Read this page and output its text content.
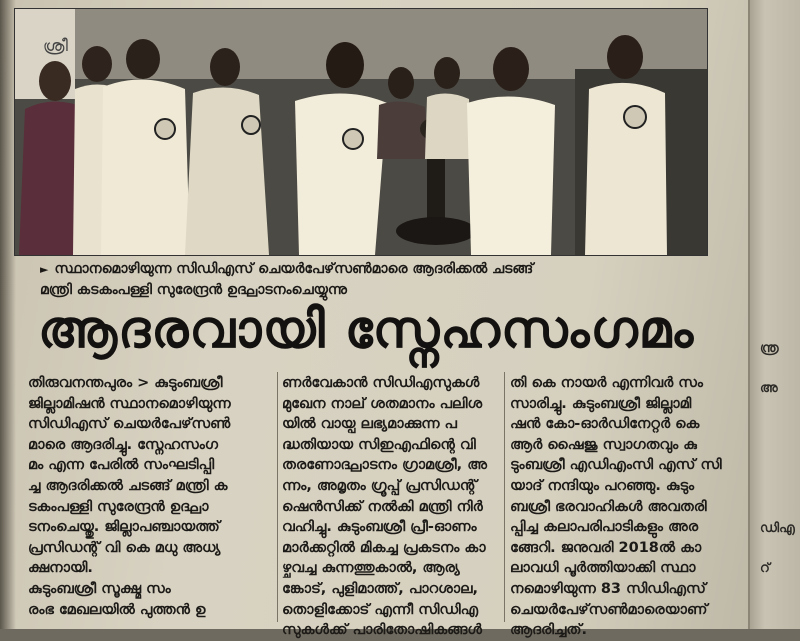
ന്ത്ര
അ
ഡിഎ
റ്
ശ്രീ
► സ്ഥാനമൊഴിയുന്ന സിഡിഎസ് ചെയർപേഴ്‌സൺമാരെ ആദരിക്കൽ ചടങ്ങ്
മന്ത്രി കടകംപള്ളി സുരേന്ദ്രൻ ഉദ്ഘാടനംചെയ്യുന്നു
ആദരവായി സ്നേഹസംഗമം
തിരുവനന്തപുരം > കുടുംബശ്രീ
ജില്ലാമിഷൻ സ്ഥാനമൊഴിയുന്ന
സിഡിഎസ് ചെയർപേഴ്‌സൺ
മാരെ ആദരിച്ചു. സ്നേഹസംഗ
മം എന്ന പേരിൽ സംഘടിപ്പി
ച്ച ആദരിക്കൽ ചടങ്ങ് മന്ത്രി ക
ടകംപള്ളി സുരേന്ദ്രൻ ഉദ്ഘാ
ടനംചെയ്തു. ജില്ലാപഞ്ചായത്ത്
പ്രസിഡന്റ് വി കെ മധു അധ്യ
ക്ഷനായി.
കുടുംബശ്രീ സൂക്ഷ്മ സം
രംഭ മേഖലയിൽ പുത്തൻ ഉ
ണർവേകാൻ സിഡിഎസുകൾ
മുഖേന നാല് ശതമാനം പലിശ
യിൽ വായ്പ ലഭ്യമാക്കുന്ന പ
ദ്ധതിയായ സിഇഎഫിന്റെ വി
തരണോദ്ഘാടനം ഗ്രാമശ്രീ, അ
ന്നം, അമൃതം ഗ്രൂപ്പ് പ്രസിഡന്റ്
ഷെൻസിക്ക് നൽകി മന്ത്രി നിർ
വഹിച്ചു. കുടുംബശ്രീ പ്രീ-ഓണം
മാർക്കറ്റിൽ മികച്ച പ്രകടനം കാ
ഴ്ചവച്ച കുന്നത്തുകാൽ, ആര്യ
ങ്കോട്, പുളിമാത്ത്, പാറശാല,
തൊളിക്കോട് എന്നീ സിഡിഎ
സുകൾക്ക് പാരിതോഷികങ്ങൾ
തി കെ നായർ എന്നിവർ സം
സാരിച്ചു. കുടുംബശ്രീ ജില്ലാമി
ഷൻ കോ-ഓർഡിനേറ്റർ കെ
ആർ ഷൈജു സ്വാഗതവും കു
ടുംബശ്രീ എഡിഎംസി എസ് സി
യാദ് നന്ദിയും പറഞ്ഞു. കുടും
ബശ്രീ ഭരവാഹികൾ അവതരി
പ്പിച്ച കലാപരിപാടികളും അര
ങ്ങേറി. ജനുവരി 2018ൽ കാ
ലാവധി പൂർത്തിയാക്കി സ്ഥാ
നമൊഴിയുന്ന 83 സിഡിഎസ്
ചെയർപേഴ്‌സൺമാരെയാണ്
ആദരിച്ചത്.
